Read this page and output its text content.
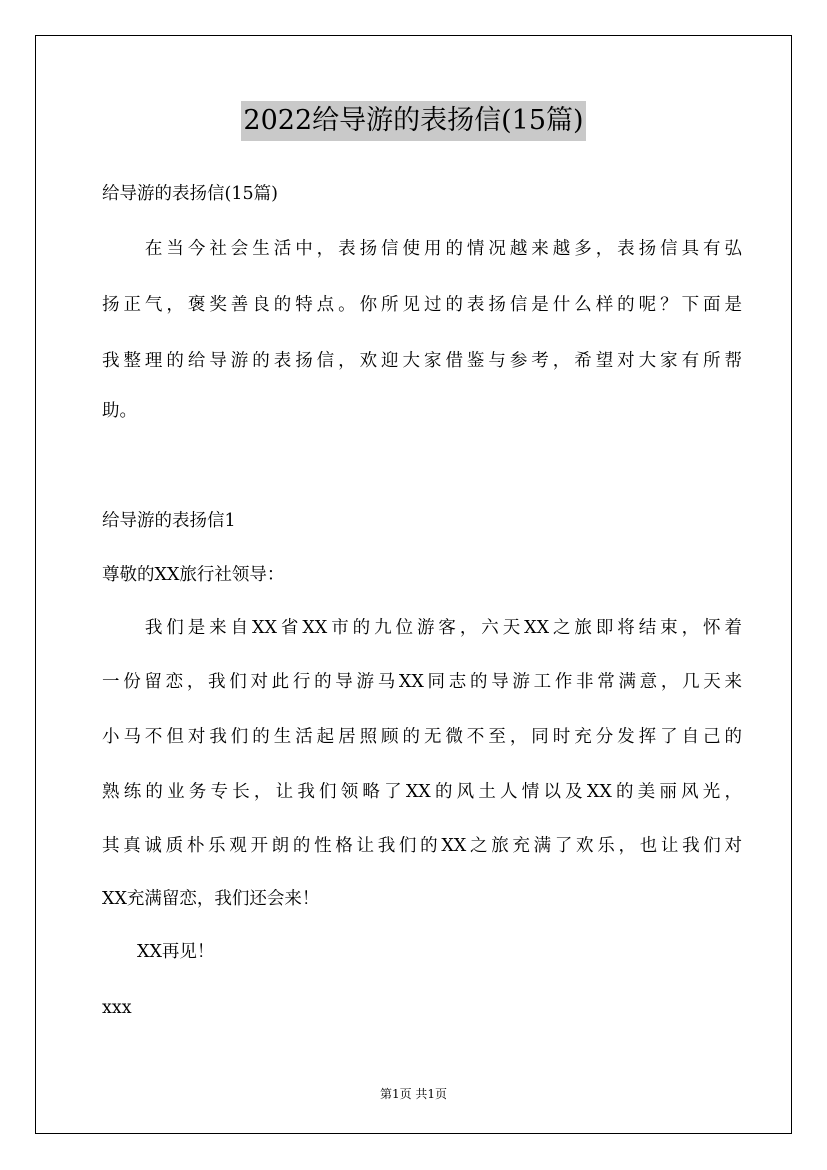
2022给导游的表扬信(15篇)
给导游的表扬信(15篇)
　　在当今社会生活中，表扬信使用的情况越来越多，表扬信具有弘
扬正气，褒奖善良的特点。你所见过的表扬信是什么样的呢？下面是
我整理的给导游的表扬信，欢迎大家借鉴与参考，希望对大家有所帮
助。
给导游的表扬信1
尊敬的XX旅行社领导：
　　我们是来自XX省XX市的九位游客，六天XX之旅即将结束，怀着
一份留恋，我们对此行的导游马XX同志的导游工作非常满意，几天来
小马不但对我们的生活起居照顾的无微不至，同时充分发挥了自己的
熟练的业务专长，让我们领略了XX的风土人情以及XX的美丽风光，
其真诚质朴乐观开朗的性格让我们的XX之旅充满了欢乐，也让我们对
XX充满留恋，我们还会来！
　　XX再见！
xxx
第1页 共1页
